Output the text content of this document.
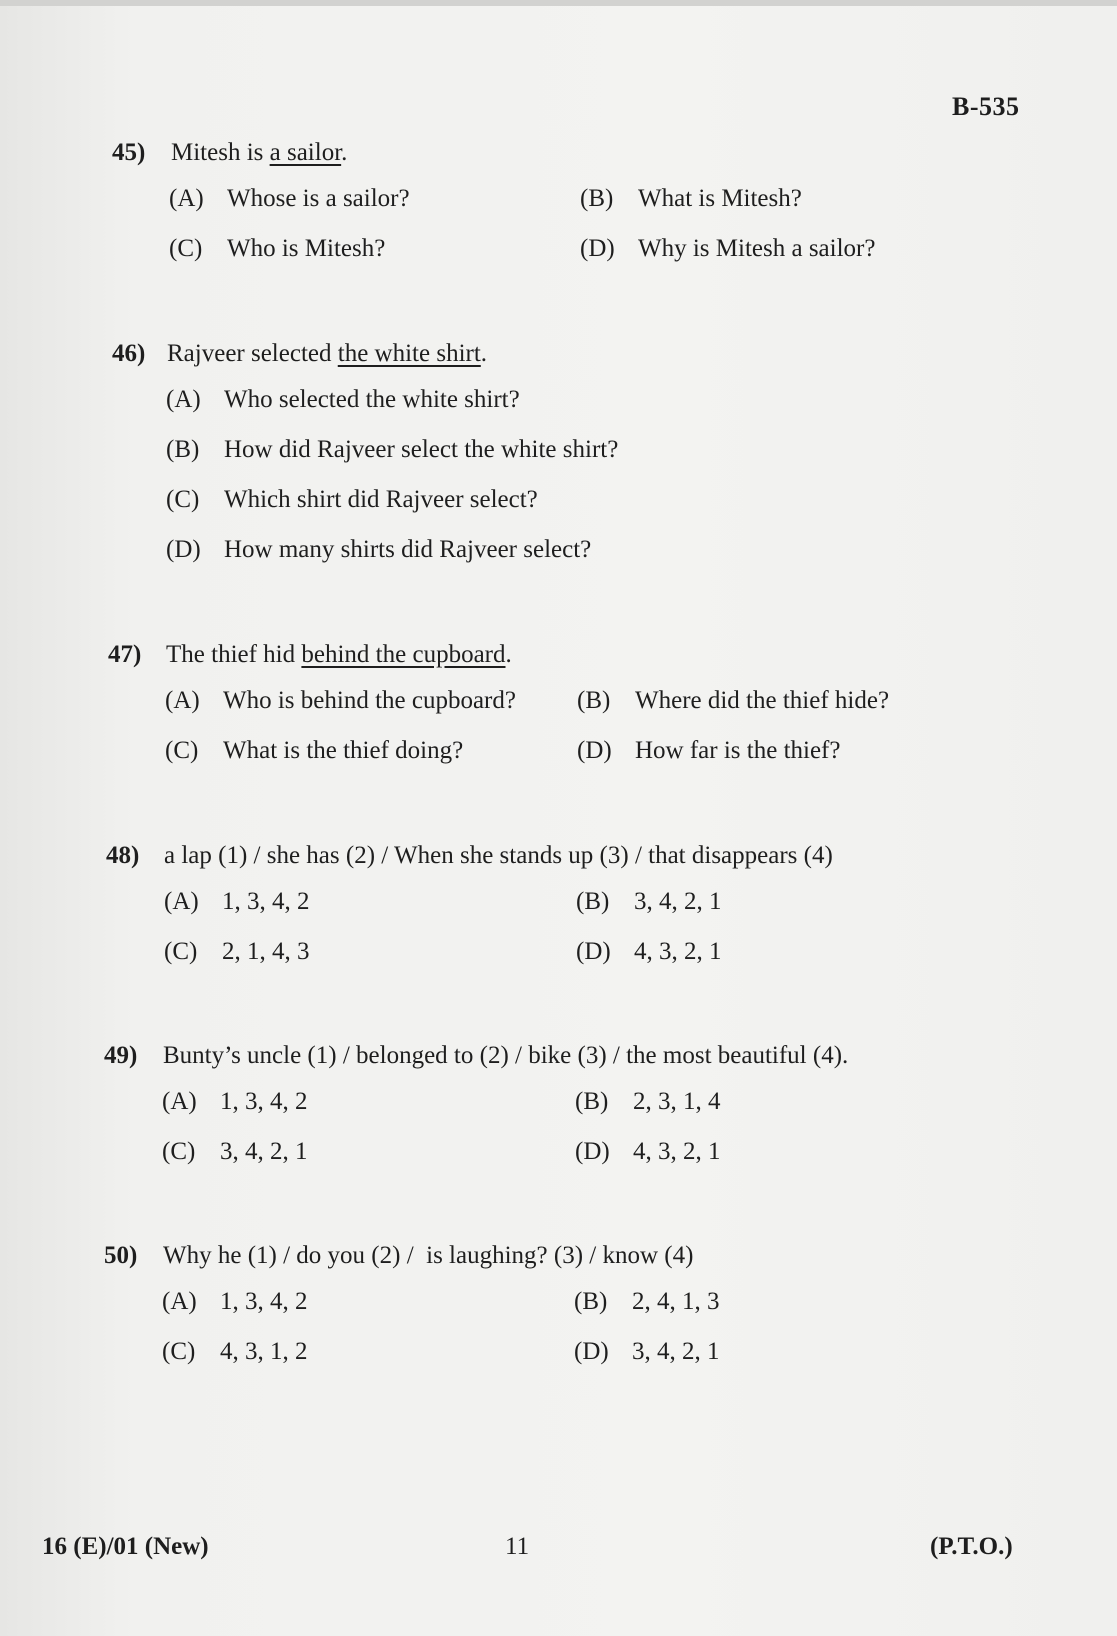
B-535
45) Mitesh is a sailor.
(A) Whose is a sailor?	(B) What is Mitesh?
(C) Who is Mitesh?	(D) Why is Mitesh a sailor?
46) Rajveer selected the white shirt.
(A) Who selected the white shirt?
(B) How did Rajveer select the white shirt?
(C) Which shirt did Rajveer select?
(D) How many shirts did Rajveer select?
47) The thief hid behind the cupboard.
(A) Who is behind the cupboard? (B) Where did the thief hide?
(C) What is the thief doing?	(D) How far is the thief?
48) a lap (1) / she has (2) / When she stands up (3) / that disappears (4)
(A) 1, 3, 4, 2	(B) 3, 4, 2, 1
(C) 2, 1, 4, 3	(D) 4, 3, 2, 1
49) Bunty’s uncle (1) / belonged to (2) / bike (3) / the most beautiful (4).
(A) 1, 3, 4, 2	(B) 2, 3, 1, 4
(C) 3, 4, 2, 1	(D) 4, 3, 2, 1
50) Why he (1) / do you (2) /  is laughing? (3) / know (4)
(A) 1, 3, 4, 2	(B) 2, 4, 1, 3
(C) 4, 3, 1, 2	(D) 3, 4, 2, 1
16 (E)/01 (New)	11	(P.T.O.)
